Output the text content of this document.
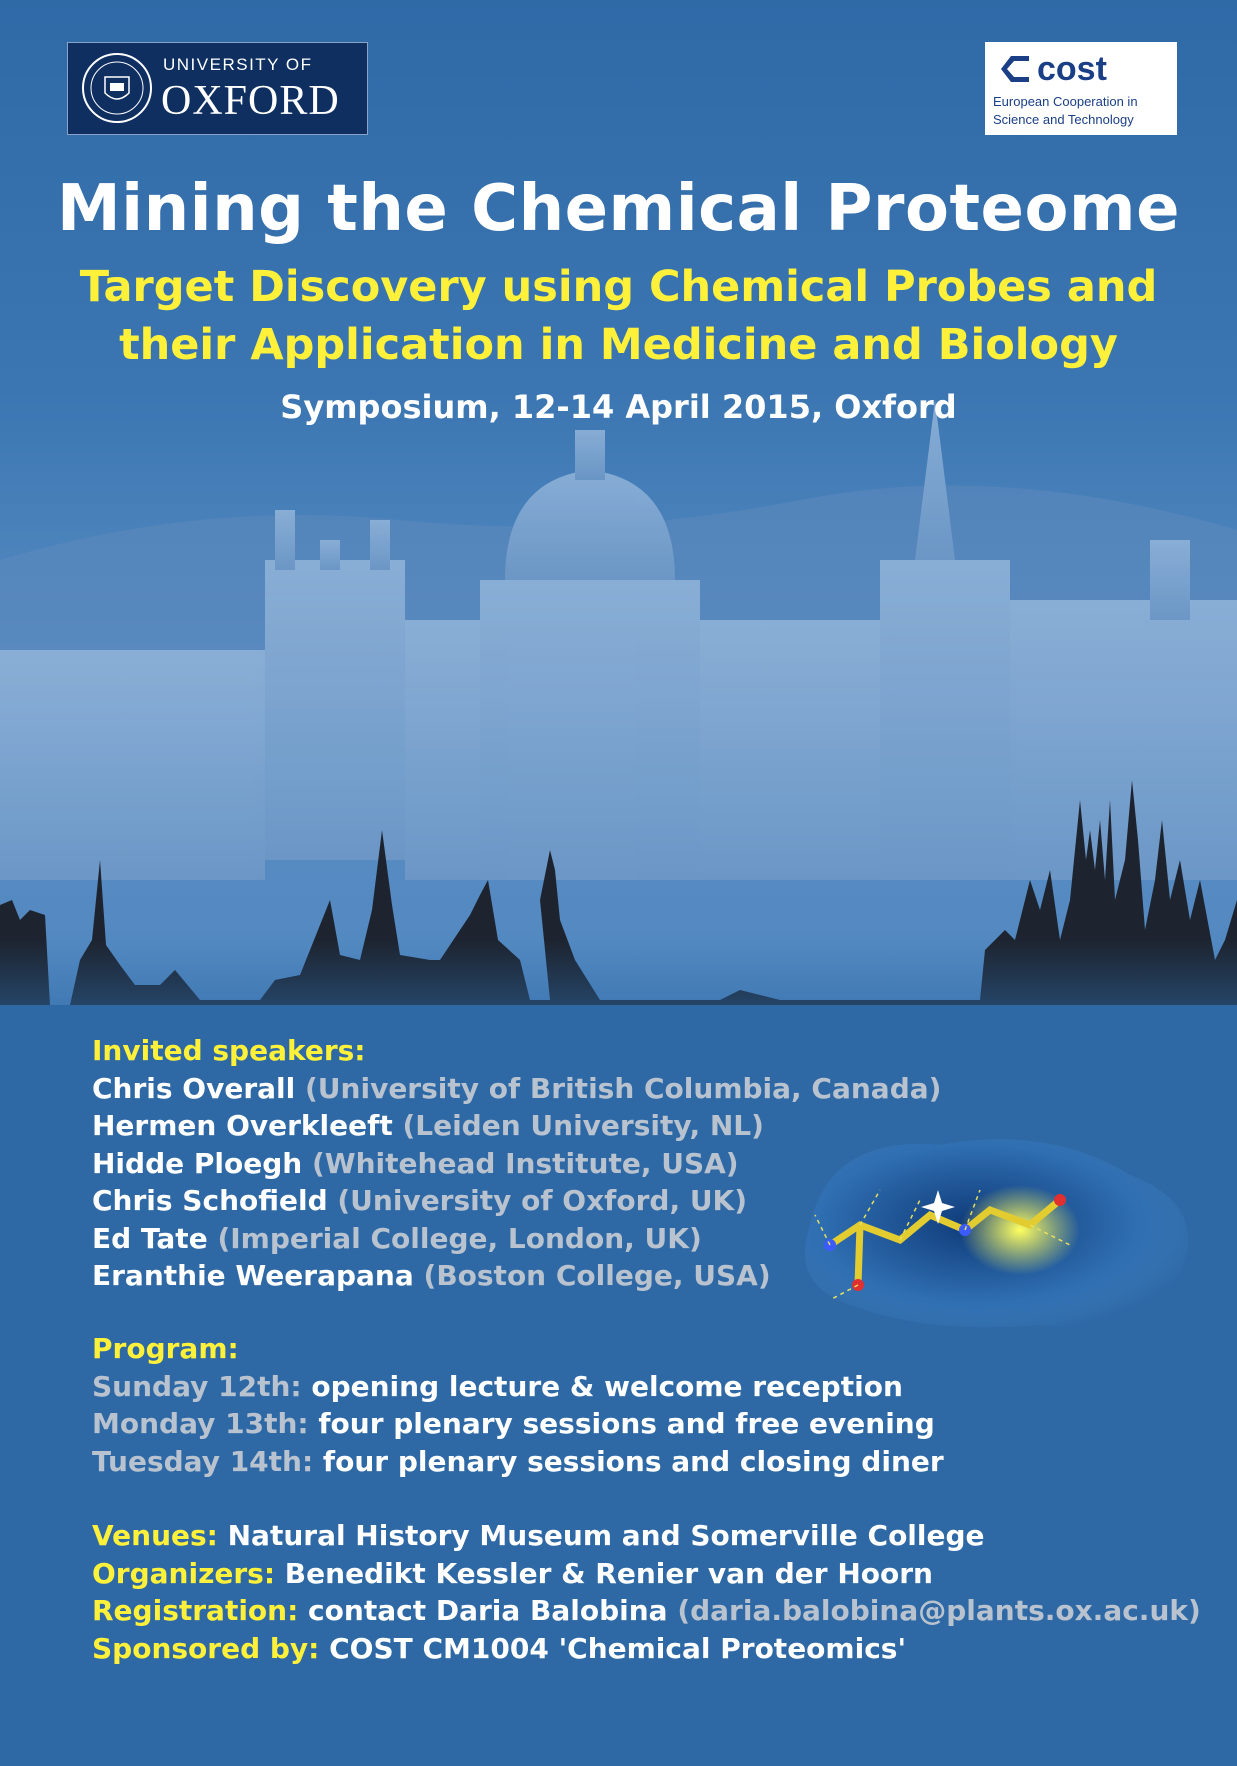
UNIVERSITY OF
OXFORD
cost
European Cooperation in
Science and Technology
Mining the Chemical Proteome
Target Discovery using Chemical Probes and
their Application in Medicine and Biology
Symposium, 12-14 April 2015, Oxford
Invited speakers:
Chris Overall (University of British Columbia, Canada)
Hermen Overkleeft (Leiden University, NL)
Hidde Ploegh (Whitehead Institute, USA)
Chris Schofield (University of Oxford, UK)
Ed Tate (Imperial College, London, UK)
Eranthie Weerapana (Boston College, USA)
Program:
Sunday 12th: opening lecture & welcome reception
Monday 13th: four plenary sessions and free evening
Tuesday 14th: four plenary sessions and closing diner
Venues: Natural History Museum and Somerville College
Organizers: Benedikt Kessler & Renier van der Hoorn
Registration: contact Daria Balobina (daria.balobina@plants.ox.ac.uk)
Sponsored by: COST CM1004 'Chemical Proteomics'
